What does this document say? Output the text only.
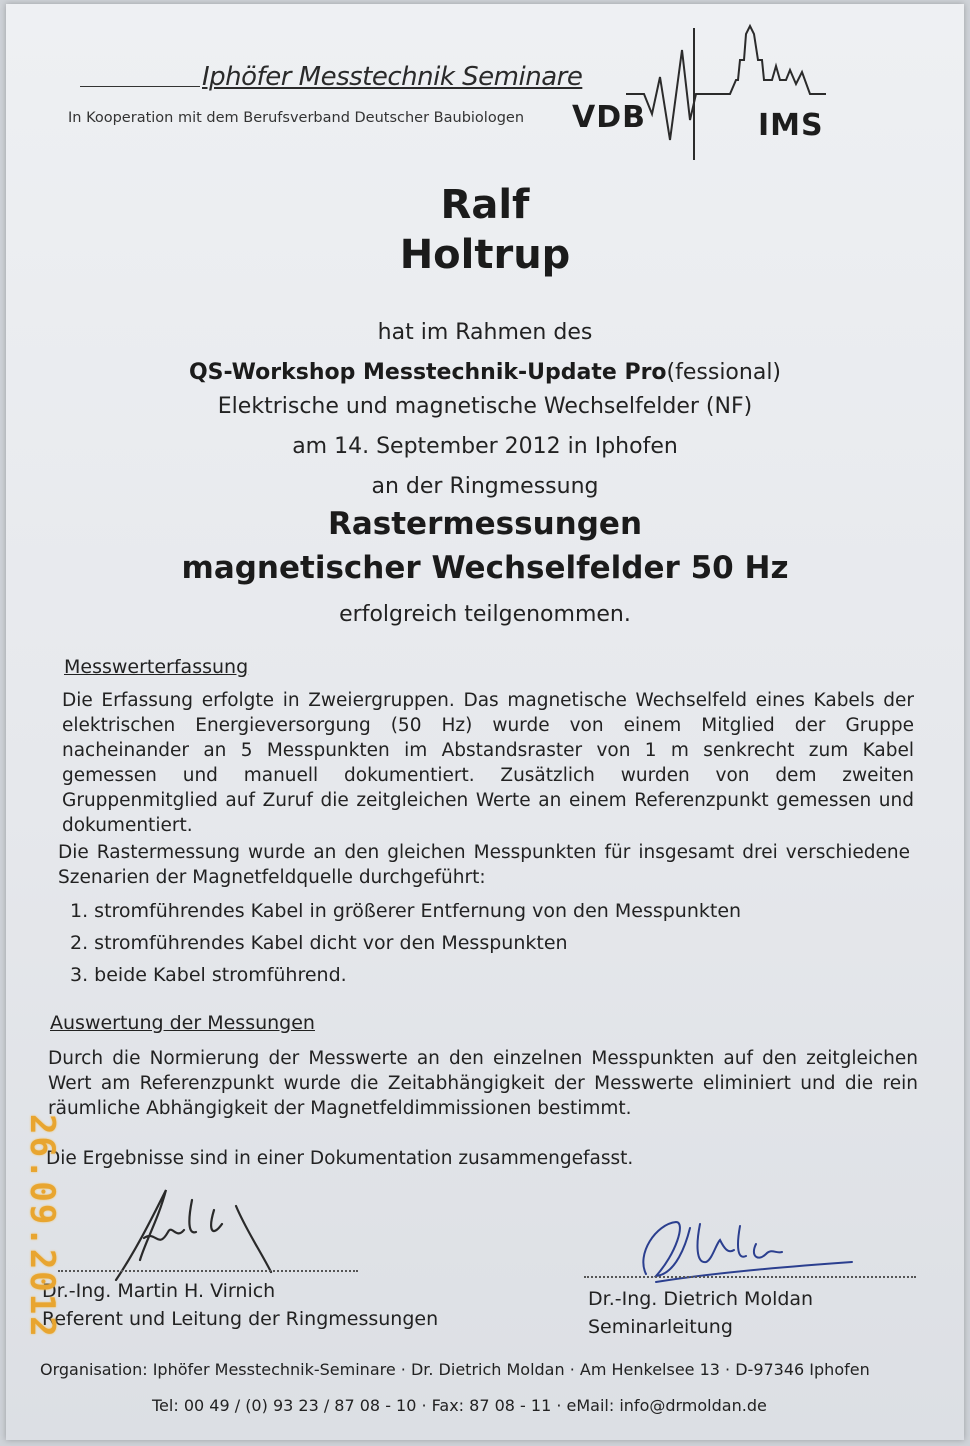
Iphöfer Messtechnik Seminare
In Kooperation mit dem Berufsverband Deutscher Baubiologen VDB	IMS
Ralf
Holtrup
hat im Rahmen des
QS-Workshop Messtechnik-Update Pro(fessional)
Elektrische und magnetische Wechselfelder (NF)
am 14. September 2012 in Iphofen
an der Ringmessung
Rastermessungen
magnetischer Wechselfelder 50 Hz
erfolgreich teilgenommen.
Messwerterfassung

Die Erfassung erfolgte in Zweiergruppen. Das magnetische Wechselfeld eines Kabels der elektrischen Energieversorgung (50 Hz) wurde von einem Mitglied der Gruppe nacheinander an 5 Messpunkten im Abstandsraster von 1 m senkrecht zum Kabel gemessen und manuell dokumentiert. Zusätzlich wurden von dem zweiten Gruppenmitglied auf Zuruf die zeitgleichen Werte an einem Referenzpunkt gemessen und dokumentiert.

Die Rastermessung wurde an den gleichen Messpunkten für insgesamt drei verschiedene Szenarien der Magnetfeldquelle durchgeführt:

1. stromführendes Kabel in größerer Entfernung von den Messpunkten
2. stromführendes Kabel dicht vor den Messpunkten
3. beide Kabel stromführend.
Auswertung der Messungen

Durch die Normierung der Messwerte an den einzelnen Messpunkten auf den zeitgleichen Wert am Referenzpunkt wurde die Zeitabhängigkeit der Messwerte eliminiert und die rein räumliche Abhängigkeit der Magnetfeldimmissionen bestimmt.

Die Ergebnisse sind in einer Dokumentation zusammengefasst.

Dr.-Ing. Martin H. Virnich
Referent und Leitung der Ringmessungen
Dr.-Ing. Dietrich Moldan
Seminarleitung
Organisation: Iphöfer Messtechnik-Seminare · Dr. Dietrich Moldan · Am Henkelsee 13 · D-97346 Iphofen
Tel: 00 49 / (0) 93 23 / 87 08 - 10 · Fax: 87 08 - 11 · eMail: info@drmoldan.de
26.09.2012
